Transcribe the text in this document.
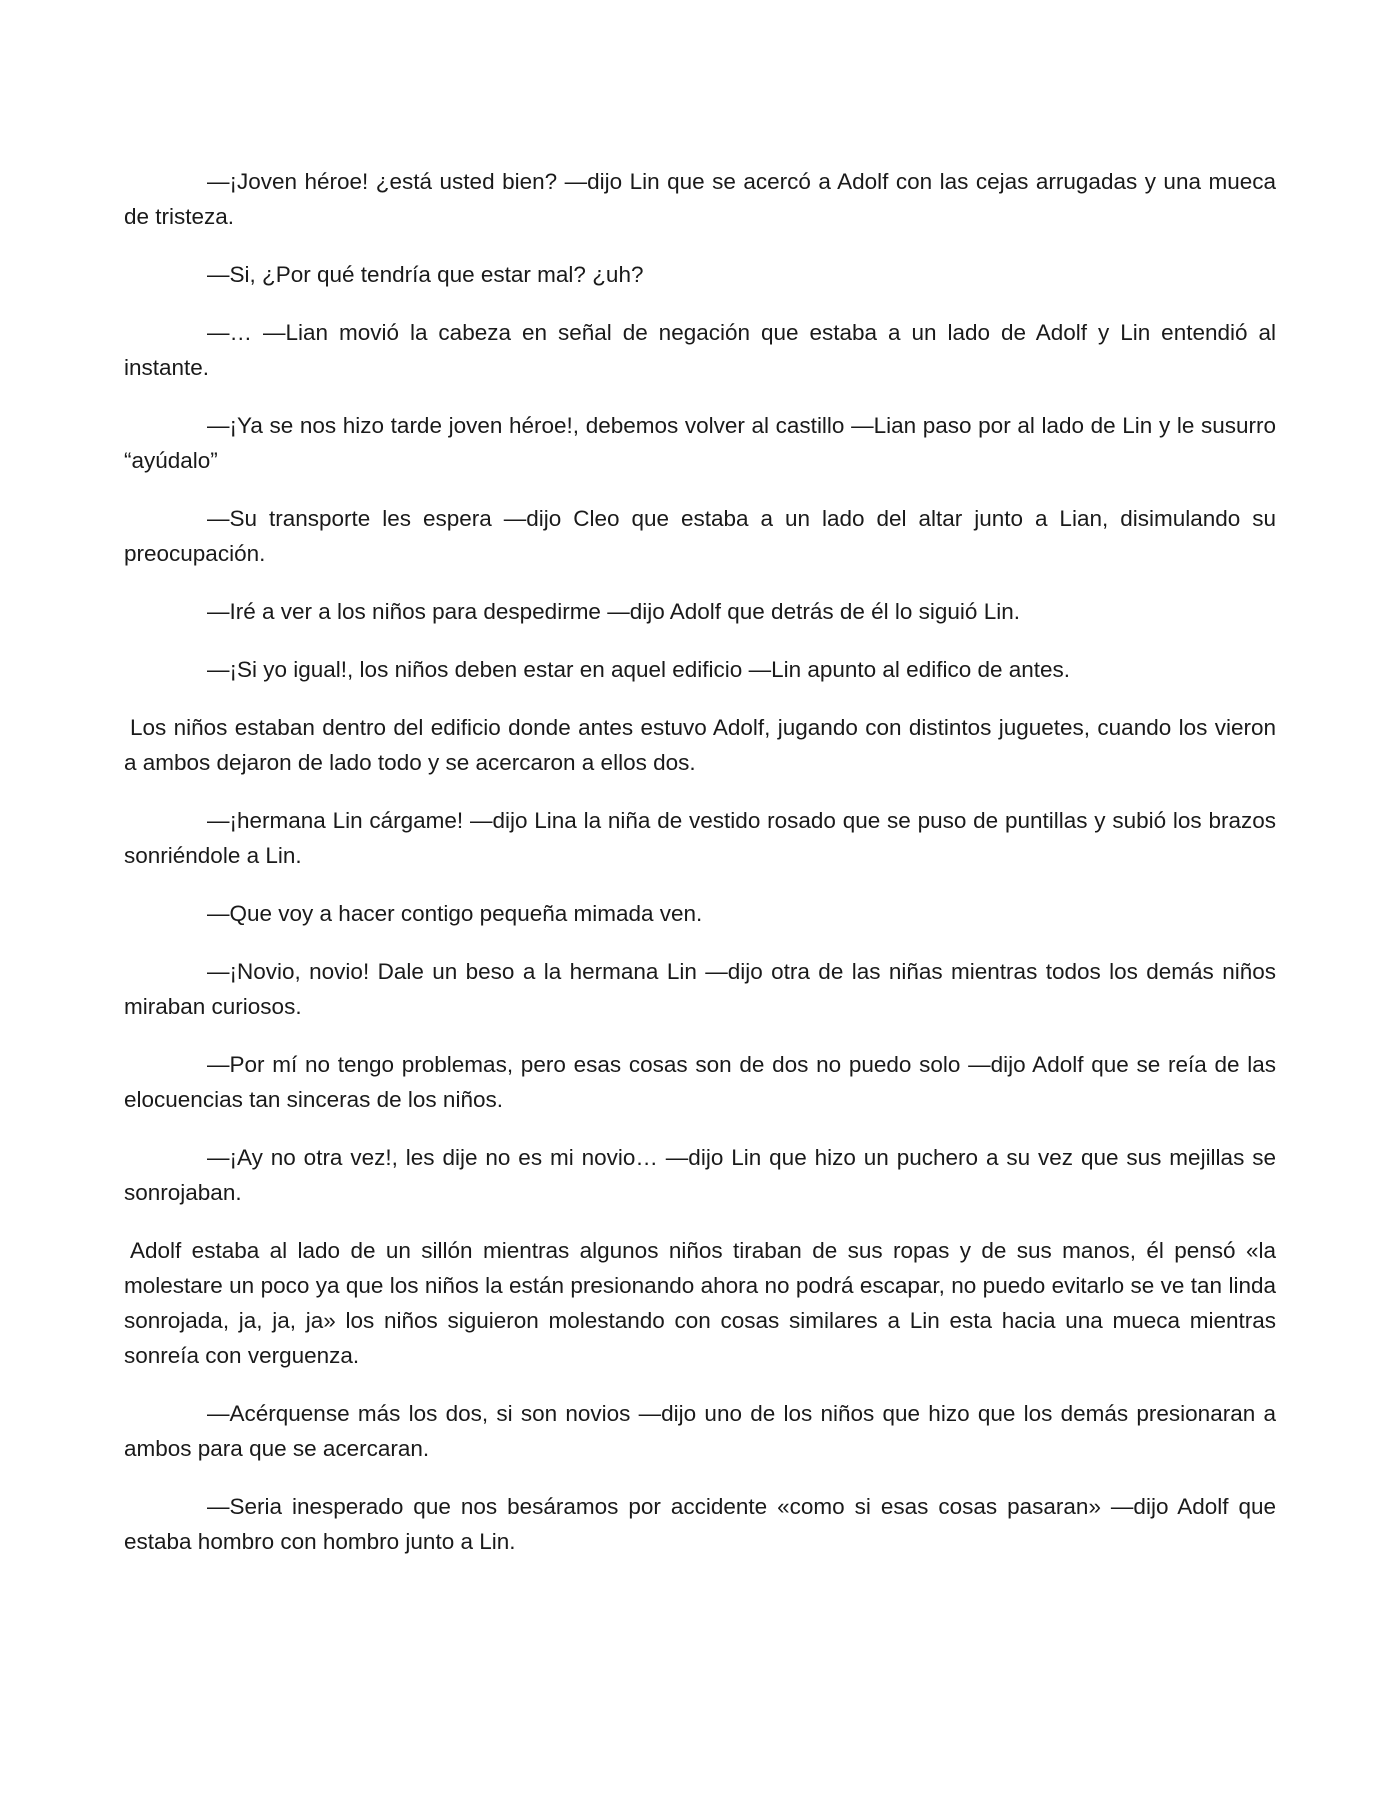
—¡Joven héroe! ¿está usted bien? —dijo Lin que se acercó a Adolf con las cejas arrugadas y una mueca de tristeza.

—Si, ¿Por qué tendría que estar mal? ¿uh?

—… —Lian movió la cabeza en señal de negación que estaba a un lado de Adolf y Lin entendió al instante.

—¡Ya se nos hizo tarde joven héroe!, debemos volver al castillo —Lian paso por al lado de Lin y le susurro “ayúdalo”

—Su transporte les espera —dijo Cleo que estaba a un lado del altar junto a Lian, disimulando su preocupación.

—Iré a ver a los niños para despedirme —dijo Adolf que detrás de él lo siguió Lin.

—¡Si yo igual!, los niños deben estar en aquel edificio —Lin apunto al edifico de antes.

Los niños estaban dentro del edificio donde antes estuvo Adolf, jugando con distintos juguetes, cuando los vieron a ambos dejaron de lado todo y se acercaron a ellos dos.

—¡hermana Lin cárgame! —dijo Lina la niña de vestido rosado que se puso de puntillas y subió los brazos sonriéndole a Lin.

—Que voy a hacer contigo pequeña mimada ven.

—¡Novio, novio! Dale un beso a la hermana Lin —dijo otra de las niñas mientras todos los demás niños miraban curiosos.

—Por mí no tengo problemas, pero esas cosas son de dos no puedo solo —dijo Adolf que se reía de las elocuencias tan sinceras de los niños.

—¡Ay no otra vez!, les dije no es mi novio… —dijo Lin que hizo un puchero a su vez que sus mejillas se sonrojaban.

Adolf estaba al lado de un sillón mientras algunos niños tiraban de sus ropas y de sus manos, él pensó «la molestare un poco ya que los niños la están presionando ahora no podrá escapar, no puedo evitarlo se ve tan linda sonrojada, ja, ja, ja» los niños siguieron molestando con cosas similares a Lin esta hacia una mueca mientras sonreía con verguenza.

—Acérquense más los dos, si son novios —dijo uno de los niños que hizo que los demás presionaran a ambos para que se acercaran.

—Seria inesperado que nos besáramos por accidente «como si esas cosas pasaran» —dijo Adolf que estaba hombro con hombro junto a Lin.
